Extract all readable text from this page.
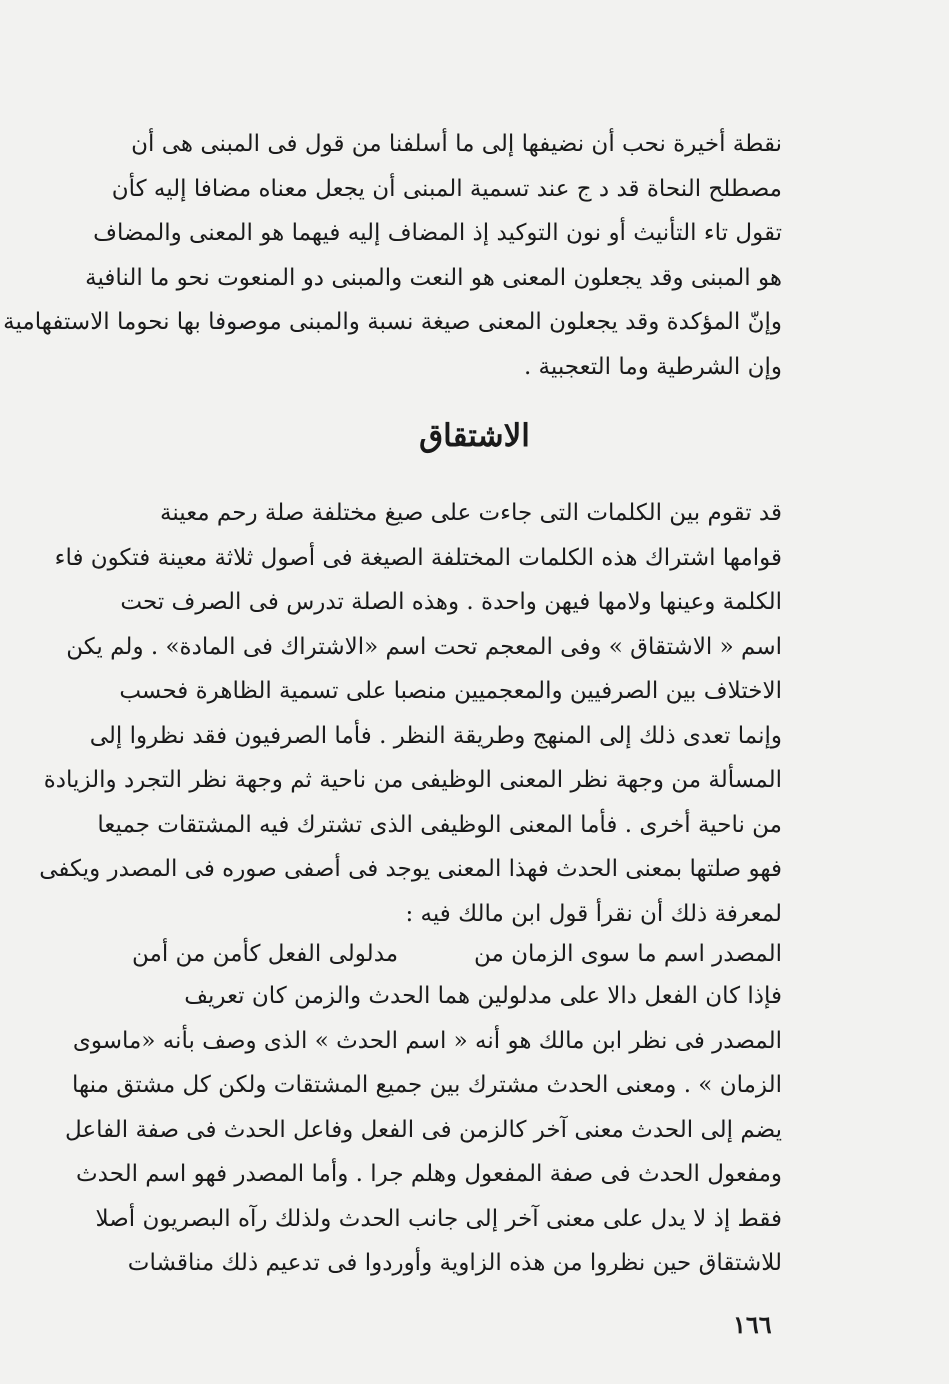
نقطة أخيرة نحب أن نضيفها إلى ما أسلفنا من قول فى المبنى هى أن
مصطلح النحاة قد د ج عند تسمية المبنى أن يجعل معناه مضافا إليه كأن
تقول تاء التأنيث أو نون التوكيد إذ المضاف إليه فيهما هو المعنى والمضاف
هو المبنى وقد يجعلون المعنى هو النعت والمبنى دو المنعوت نحو ما النافية
وإنّ المؤكدة وقد يجعلون المعنى صيغة نسبة والمبنى موصوفا بها نحوما الاستفهامية
وإن الشرطية وما التعجبية .
الاشتقاق
قد تقوم بين الكلمات التى جاءت على صيغ مختلفة صلة رحم معينة
قوامها اشتراك هذه الكلمات المختلفة الصيغة فى أصول ثلاثة معينة فتكون فاء
الكلمة وعينها ولامها فيهن واحدة . وهذه الصلة تدرس فى الصرف تحت
اسم « الاشتقاق » وفى المعجم تحت اسم «الاشتراك فى المادة» . ولم يكن
الاختلاف بين الصرفيين والمعجميين منصبا على تسمية الظاهرة فحسب
وإنما تعدى ذلك إلى المنهج وطريقة النظر . فأما الصرفيون فقد نظروا إلى
المسألة من وجهة نظر المعنى الوظيفى من ناحية ثم وجهة نظر التجرد والزيادة
من ناحية أخرى . فأما المعنى الوظيفى الذى تشترك فيه المشتقات جميعا
فهو صلتها بمعنى الحدث فهذا المعنى يوجد فى أصفى صوره فى المصدر ويكفى
لمعرفة ذلك أن نقرأ قول ابن مالك فيه :
المصدر اسم ما سوى الزمان من
مدلولى الفعل كأمن من أمن
فإذا كان الفعل دالا على مدلولين هما الحدث والزمن كان تعريف
المصدر فى نظر ابن مالك هو أنه « اسم الحدث » الذى وصف بأنه «ماسوى
الزمان » . ومعنى الحدث مشترك بين جميع المشتقات ولكن كل مشتق منها
يضم إلى الحدث معنى آخر كالزمن فى الفعل وفاعل الحدث فى صفة الفاعل
ومفعول الحدث فى صفة المفعول وهلم جرا . وأما المصدر فهو اسم الحدث
فقط إذ لا يدل على معنى آخر إلى جانب الحدث ولذلك رآه البصريون أصلا
للاشتقاق حين نظروا من هذه الزاوية وأوردوا فى تدعيم ذلك مناقشات
١٦٦
